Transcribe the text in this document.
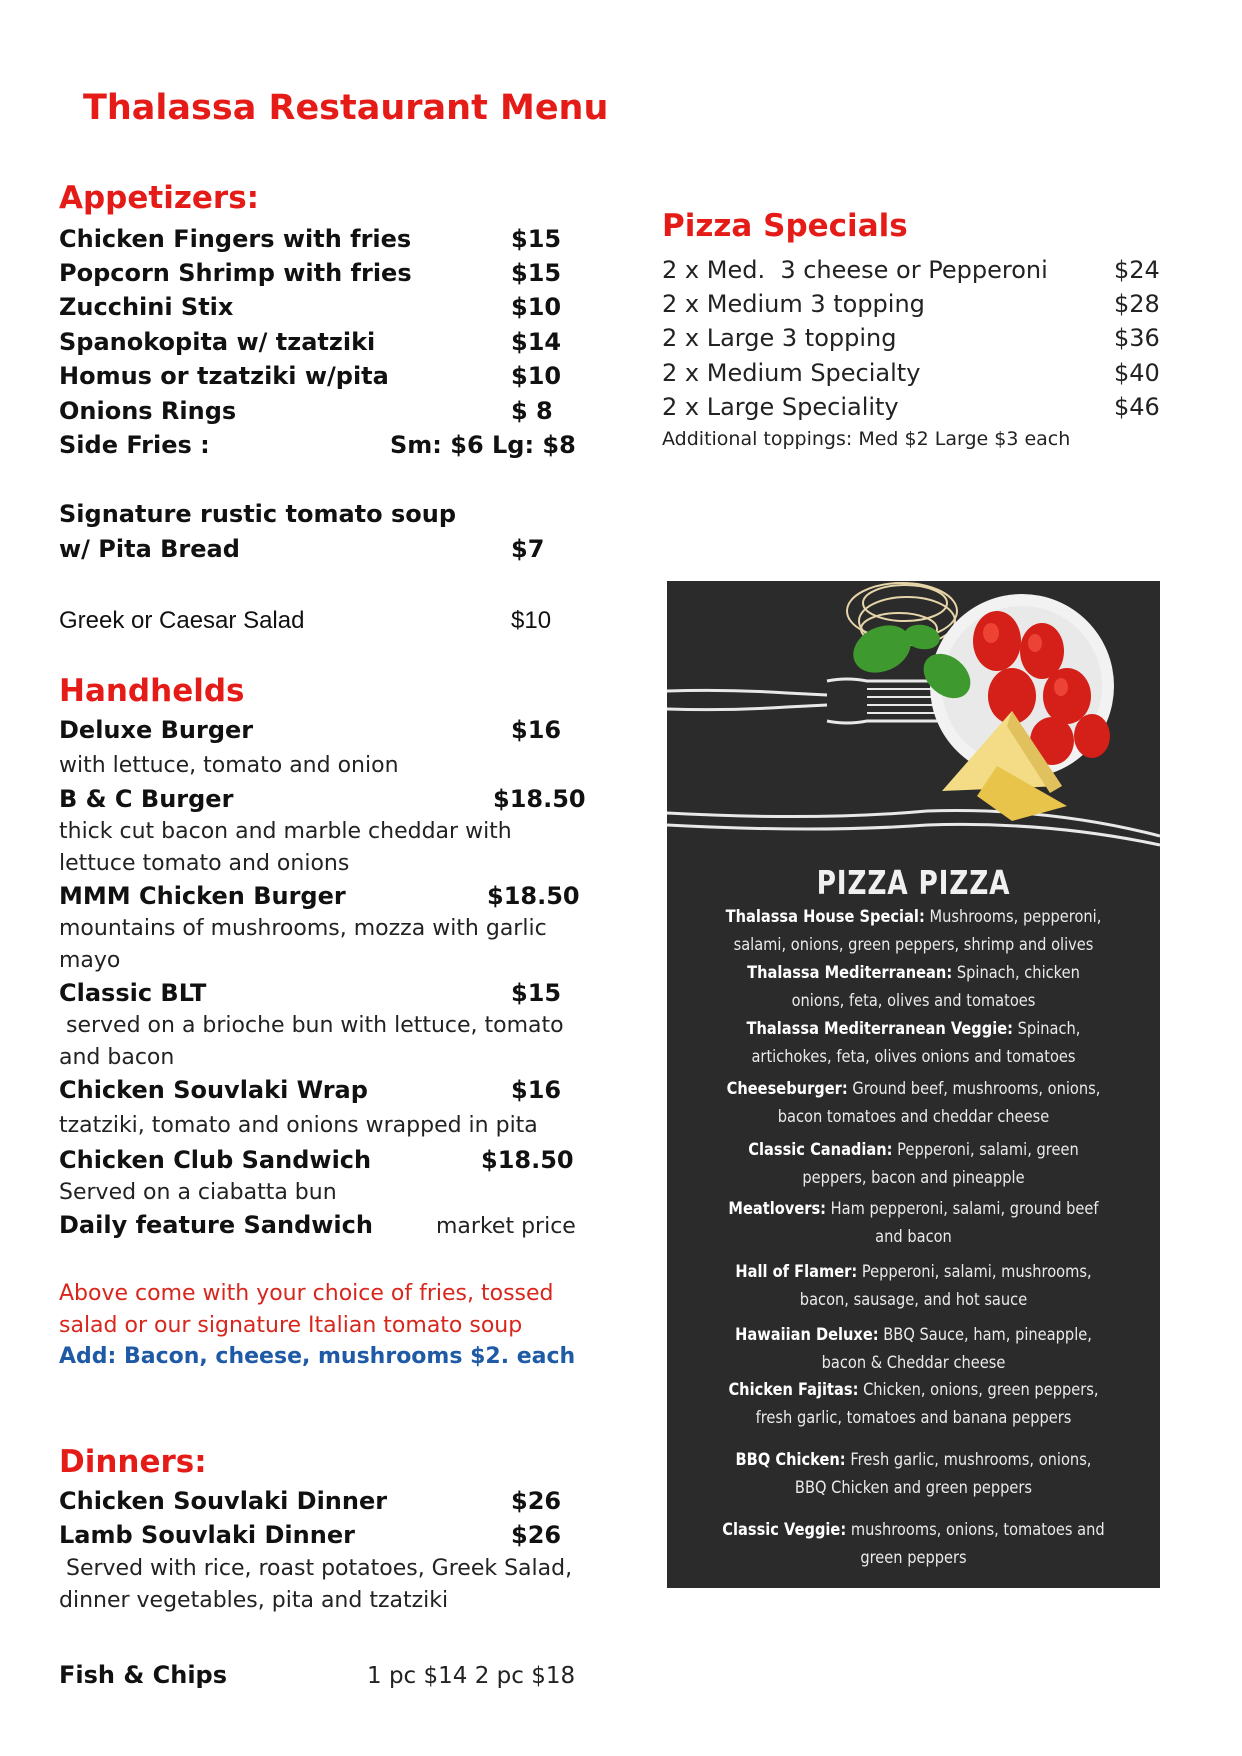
Thalassa Restaurant Menu
Appetizers:
Chicken Fingers with fries	$15
Popcorn Shrimp with fries	$15
Zucchini Stix	$10
Spanokopita w/ tzatziki	$14
Homus or tzatziki w/pita	$10
Onions Rings	$ 8
Side Fries :	Sm: $6 Lg: $8
Signature rustic tomato soup
w/ Pita Bread	$7
Greek or Caesar Salad	$10
Handhelds
Deluxe Burger	$16
with lettuce, tomato and onion
B & C Burger	$18.50
thick cut bacon and marble cheddar with
lettuce tomato and onions
MMM Chicken Burger	$18.50
mountains of mushrooms, mozza with garlic
mayo
Classic BLT	$15
served on a brioche bun with lettuce, tomato
and bacon
Chicken Souvlaki Wrap	$16
tzatziki, tomato and onions wrapped in pita
Chicken Club Sandwich	$18.50
Served on a ciabatta bun
Daily feature Sandwich	market price
Above come with your choice of fries, tossed
salad or our signature Italian tomato soup
Add: Bacon, cheese, mushrooms $2. each
Dinners:
Chicken Souvlaki Dinner	$26
Lamb Souvlaki Dinner	$26
Served with rice, roast potatoes, Greek Salad,
dinner vegetables, pita and tzatziki
Fish & Chips	1 pc $14 2 pc $18
Pizza Specials
2 x Med.  3 cheese or Pepperoni	$24
2 x Medium 3 topping	$28
2 x Large 3 topping	$36
2 x Medium Specialty	$40
2 x Large Speciality	$46
Additional toppings: Med $2 Large $3 each
PIZZA PIZZA
Thalassa House Special: Mushrooms, pepperoni, salami, onions, green peppers, shrimp and olives
Thalassa Mediterranean: Spinach, chicken onions, feta, olives and tomatoes
Thalassa Mediterranean Veggie: Spinach, artichokes, feta, olives onions and tomatoes
Cheeseburger: Ground beef, mushrooms, onions, bacon tomatoes and cheddar cheese
Classic Canadian: Pepperoni, salami, green peppers, bacon and pineapple
Meatlovers: Ham pepperoni, salami, ground beef and bacon
Hall of Flamer: Pepperoni, salami, mushrooms, bacon, sausage, and hot sauce
Hawaiian Deluxe: BBQ Sauce, ham, pineapple, bacon & Cheddar cheese
Chicken Fajitas: Chicken, onions, green peppers, fresh garlic, tomatoes and banana peppers
BBQ Chicken: Fresh garlic, mushrooms, onions, BBQ Chicken and green peppers
Classic Veggie: mushrooms, onions, tomatoes and green peppers
